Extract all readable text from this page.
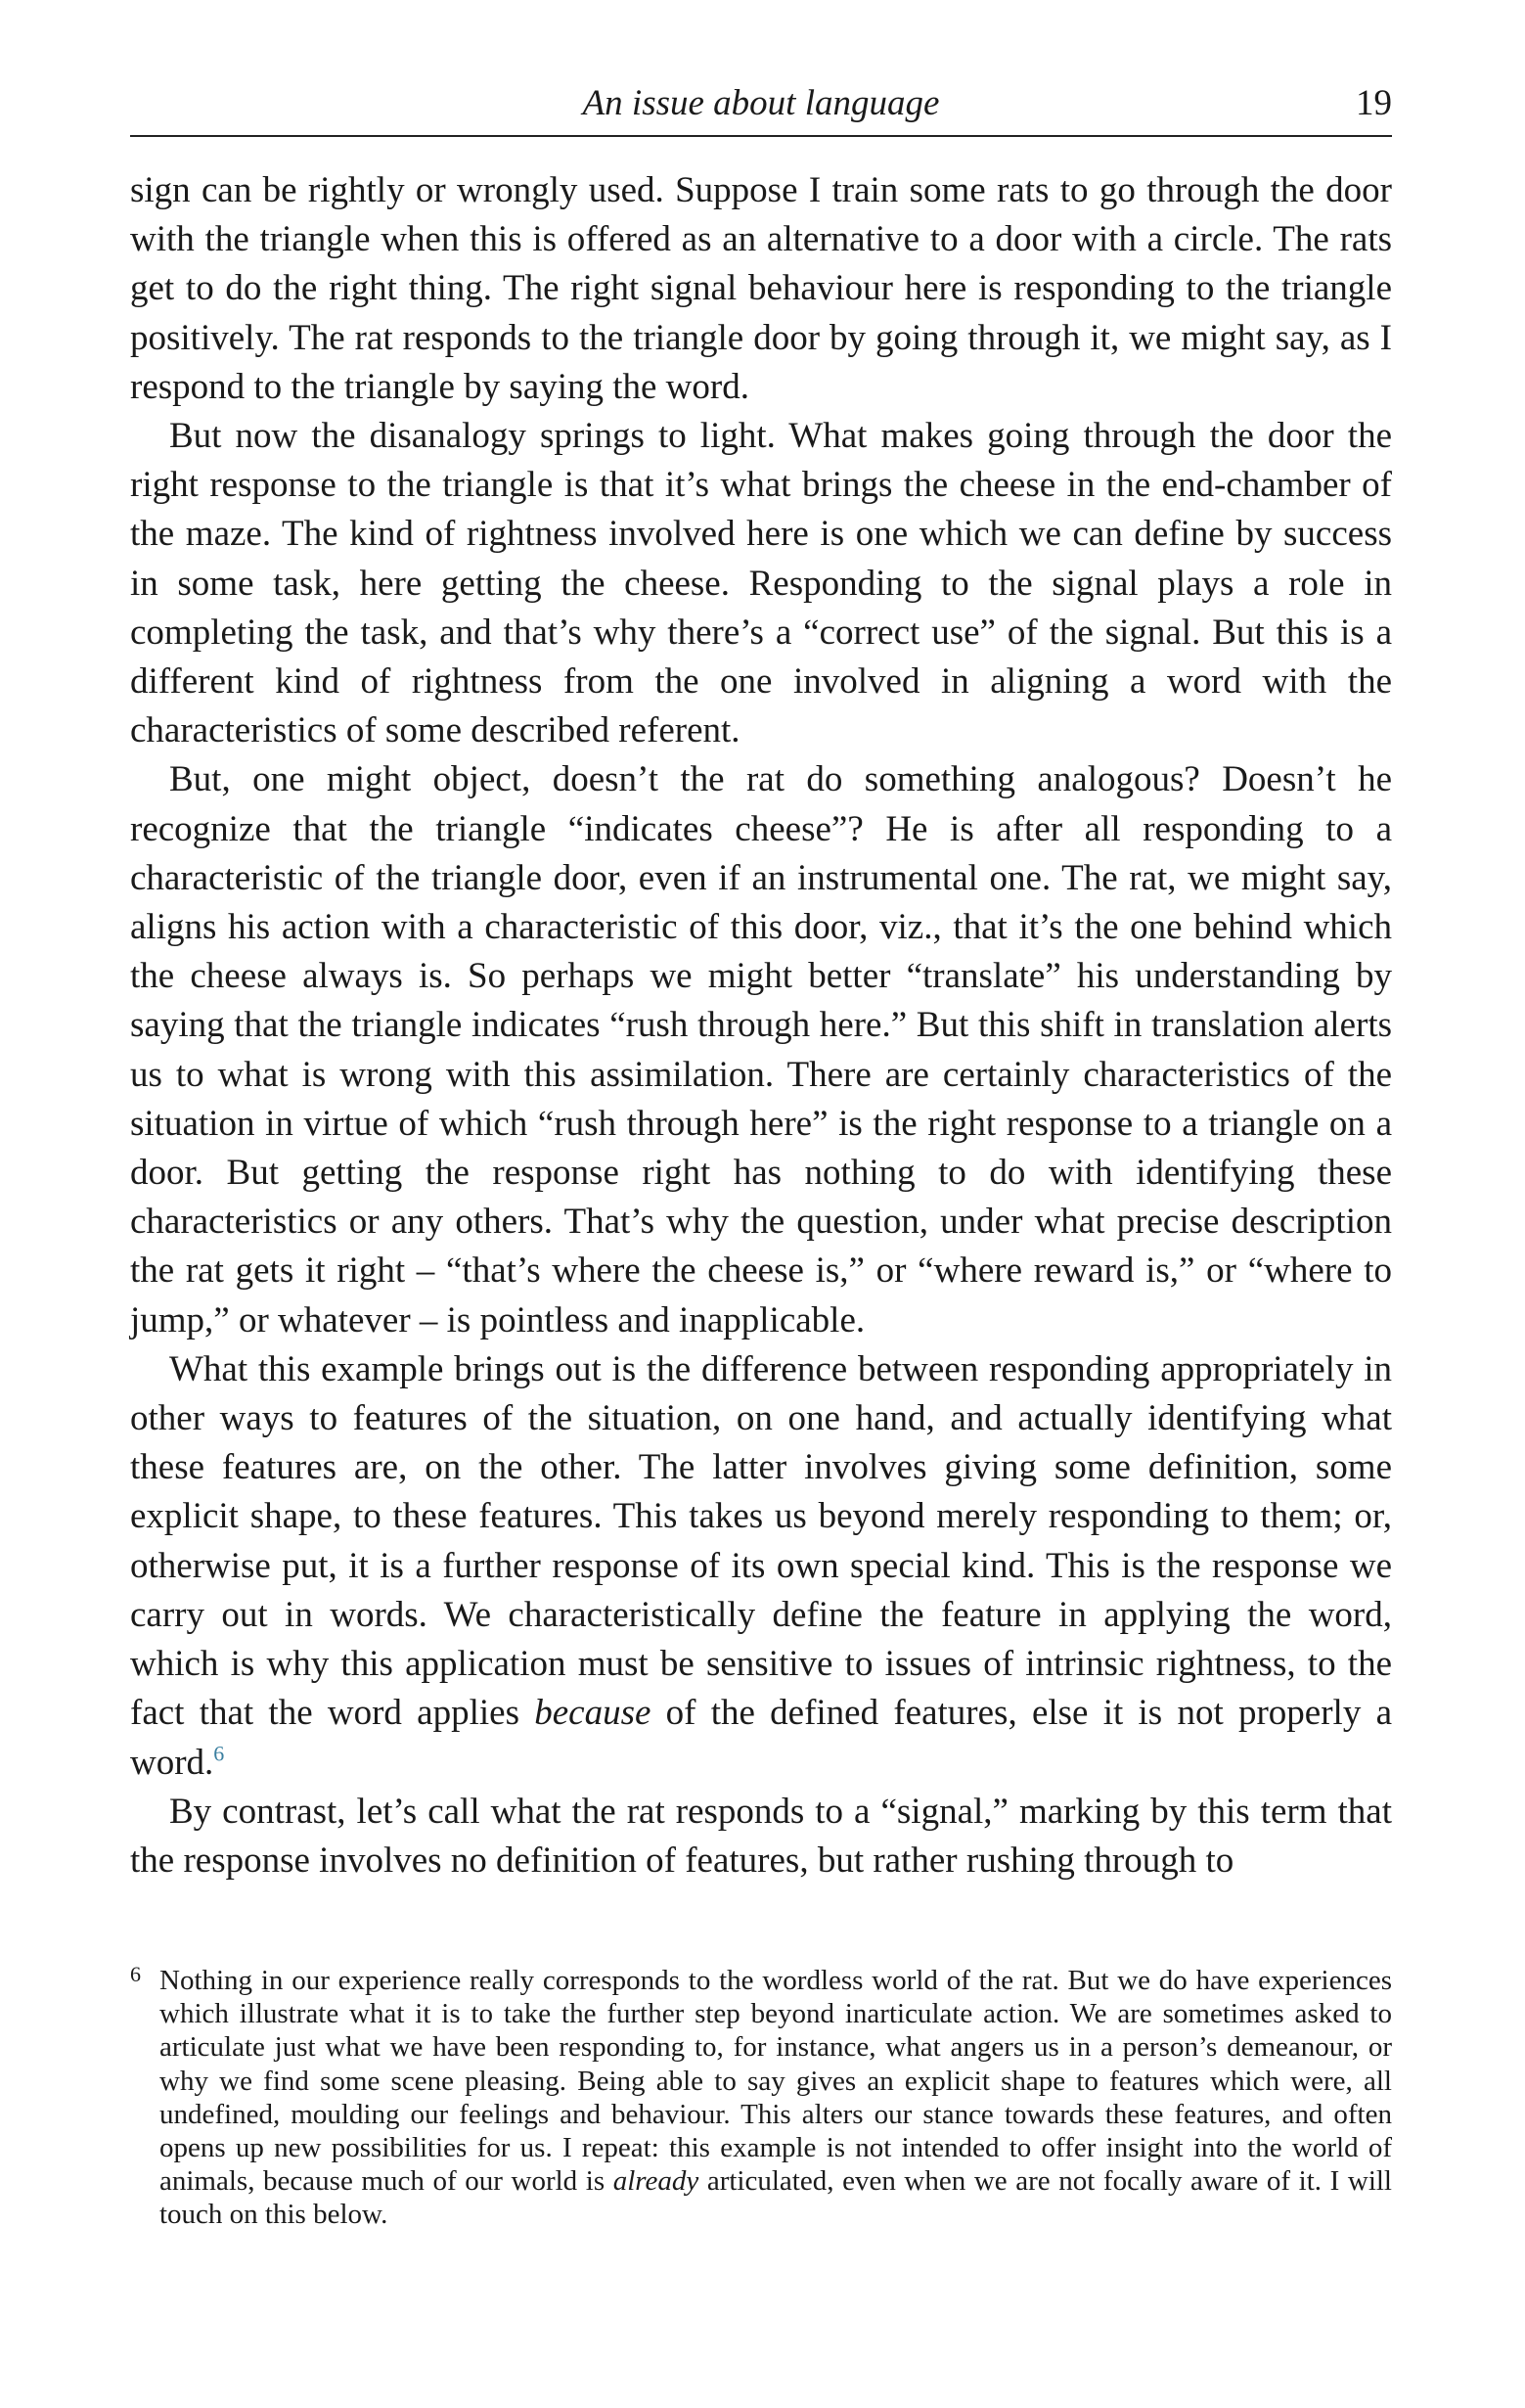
An issue about language	19

sign can be rightly or wrongly used. Suppose I train some rats to go through the door with the triangle when this is offered as an alternative to a door with a circle. The rats get to do the right thing. The right signal behaviour here is responding to the triangle positively. The rat responds to the triangle door by going through it, we might say, as I respond to the triangle by saying the word.

But now the disanalogy springs to light. What makes going through the door the right response to the triangle is that it’s what brings the cheese in the end-chamber of the maze. The kind of rightness involved here is one which we can define by success in some task, here getting the cheese. Responding to the signal plays a role in completing the task, and that’s why there’s a “correct use” of the signal. But this is a different kind of rightness from the one involved in aligning a word with the characteristics of some described referent.

But, one might object, doesn’t the rat do something analogous? Doesn’t he recognize that the triangle “indicates cheese”? He is after all responding to a characteristic of the triangle door, even if an instrumental one. The rat, we might say, aligns his action with a characteristic of this door, viz., that it’s the one behind which the cheese always is. So perhaps we might better “translate” his understanding by saying that the triangle indicates “rush through here.” But this shift in translation alerts us to what is wrong with this assimilation. There are certainly characteristics of the situation in virtue of which “rush through here” is the right response to a triangle on a door. But getting the response right has nothing to do with identifying these characteristics or any others. That’s why the question, under what precise description the rat gets it right – “that’s where the cheese is,” or “where reward is,” or “where to jump,” or whatever – is pointless and inapplicable.

What this example brings out is the difference between responding appropriately in other ways to features of the situation, on one hand, and actually identifying what these features are, on the other. The latter involves giving some definition, some explicit shape, to these features. This takes us beyond merely responding to them; or, otherwise put, it is a further response of its own special kind. This is the response we carry out in words. We characteristically define the feature in applying the word, which is why this application must be sensitive to issues of intrinsic rightness, to the fact that the word applies because of the defined features, else it is not properly a word.$^6$

By contrast, let’s call what the rat responds to a “signal,” marking by this term that the response involves no definition of features, but rather rushing through to

6 Nothing in our experience really corresponds to the wordless world of the rat. But we do have experiences which illustrate what it is to take the further step beyond inarticulate action. We are sometimes asked to articulate just what we have been responding to, for instance, what angers us in a person’s demeanour, or why we find some scene pleasing. Being able to say gives an explicit shape to features which were, all undefined, moulding our feelings and behaviour. This alters our stance towards these features, and often opens up new possibilities for us. I repeat: this example is not intended to offer insight into the world of animals, because much of our world is already articulated, even when we are not focally aware of it. I will touch on this below.
